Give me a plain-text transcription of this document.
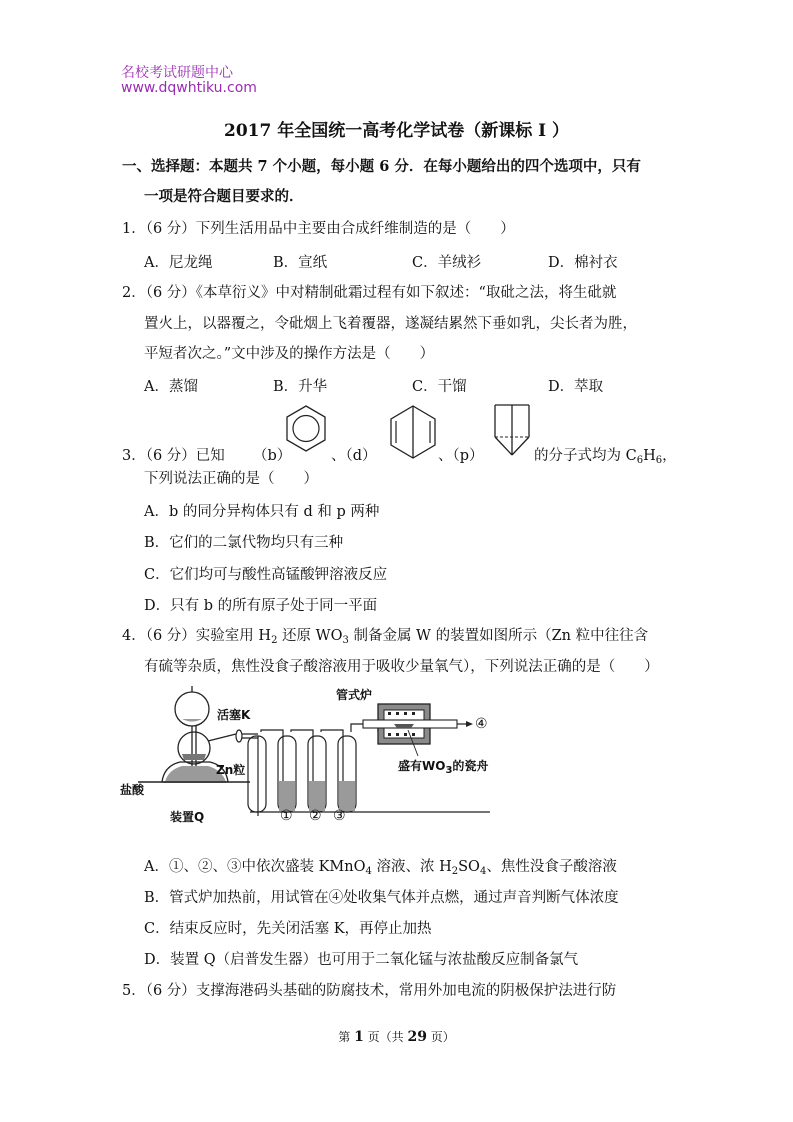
名校考试研题中心
www.dqwhtiku.com
2017 年全国统一高考化学试卷（新课标 I ）
一、选择题：本题共 7 个小题，每小题 6 分．在每小题给出的四个选项中，只有
一项是符合题目要求的．
1．（6 分）下列生活用品中主要由合成纤维制造的是（　　）
A．尼龙绳	B．宣纸	C．羊绒衫	D．棉衬衣
2．（6 分）《本草衍义》中对精制砒霜过程有如下叙述：“取砒之法，将生砒就
置火上，以器覆之，令砒烟上飞着覆器，遂凝结累然下垂如乳，尖长者为胜，
平短者次之。”文中涉及的操作方法是（　　）
A．蒸馏	B．升华	C．干馏	D．萃取
3．（6 分）已知 （b）	、（d）	、（p）	的分子式均为 $C_6H_6$，
下列说法正确的是（　　）
A．b 的同分异构体只有 d 和 p 两种
B．它们的二氯代物均只有三种
C．它们均可与酸性高锰酸钾溶液反应
D．只有 b 的所有原子处于同一平面
4．（6 分）实验室用 $H_2$ 还原 $WO_3$ 制备金属 W 的装置如图所示（Zn 粒中往往含
有硫等杂质，焦性没食子酸溶液用于吸收少量氧气），下列说法正确的是（　　）
管式炉
活塞K
Zn粒
盐酸
装置Q
盛有$WO_3$的瓷舟
① ② ③
④
A．①、②、③中依次盛装 KMnO$_4$ 溶液、浓 $H_2SO_4$、焦性没食子酸溶液
B．管式炉加热前，用试管在④处收集气体并点燃，通过声音判断气体浓度
C．结束反应时，先关闭活塞 K，再停止加热
D．装置 Q（启普发生器）也可用于二氧化锰与浓盐酸反应制备氯气
5．（6 分）支撑海港码头基础的防腐技术，常用外加电流的阴极保护法进行防
第 1 页（共 29 页）
